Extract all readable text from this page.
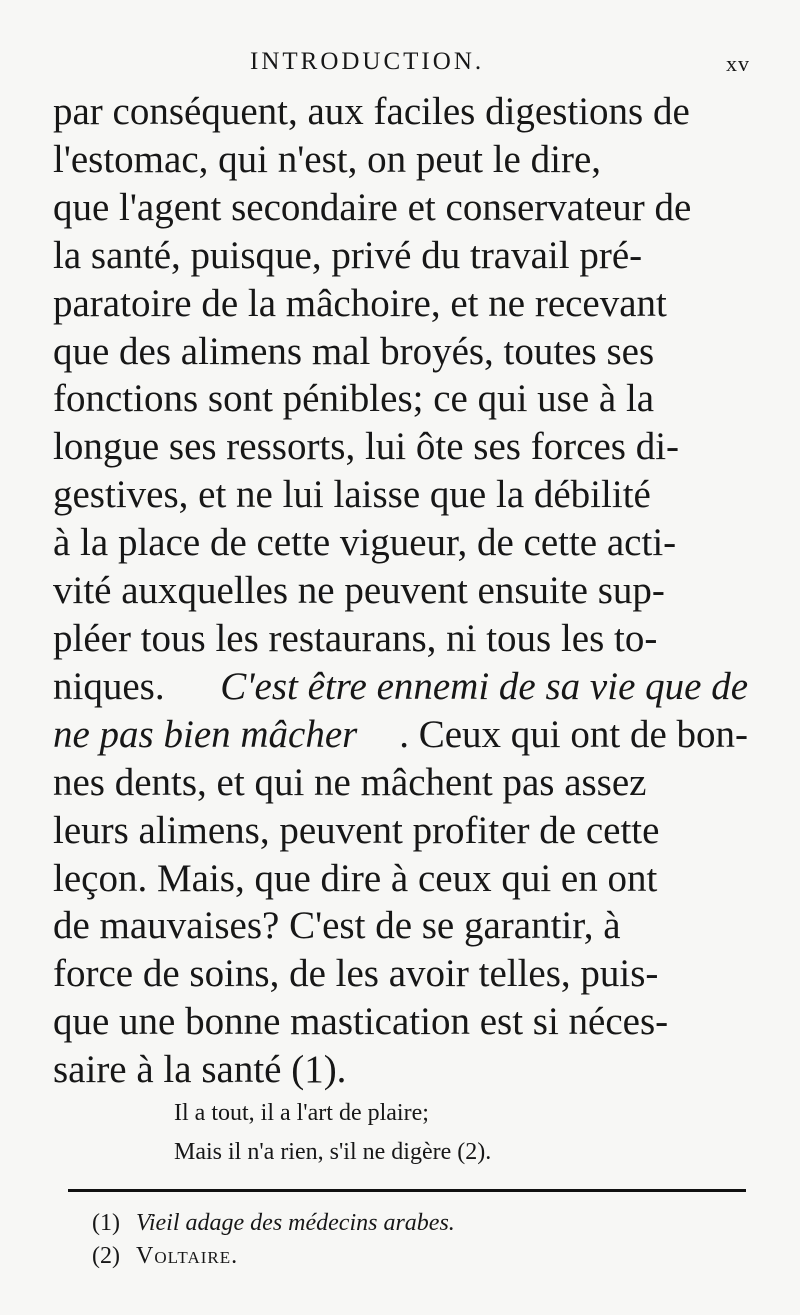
INTRODUCTION.	xv
par conséquent, aux faciles digestions de
l'estomac, qui n'est, on peut le dire,
que l'agent secondaire et conservateur de
la santé, puisque, privé du travail pré-
paratoire de la mâchoire, et ne recevant
que des alimens mal broyés, toutes ses
fonctions sont pénibles; ce qui use à la
longue ses ressorts, lui ôte ses forces di-
gestives, et ne lui laisse que la débilité
à la place de cette vigueur, de cette acti-
vité auxquelles ne peuvent ensuite sup-
pléer tous les restaurans, ni tous les to-
niques. C'est être ennemi de sa vie que de
ne pas bien mâcher . Ceux qui ont de bon-
nes dents, et qui ne mâchent pas assez
leurs alimens, peuvent profiter de cette
leçon. Mais, que dire à ceux qui en ont
de mauvaises? C'est de se garantir, à
force de soins, de les avoir telles, puis-
que une bonne mastication est si néces-
saire à la santé (1).
Il a tout, il a l'art de plaire;
Mais il n'a rien, s'il ne digère (2).
(1) Vieil adage des médecins arabes.
(2) Voltaire.
